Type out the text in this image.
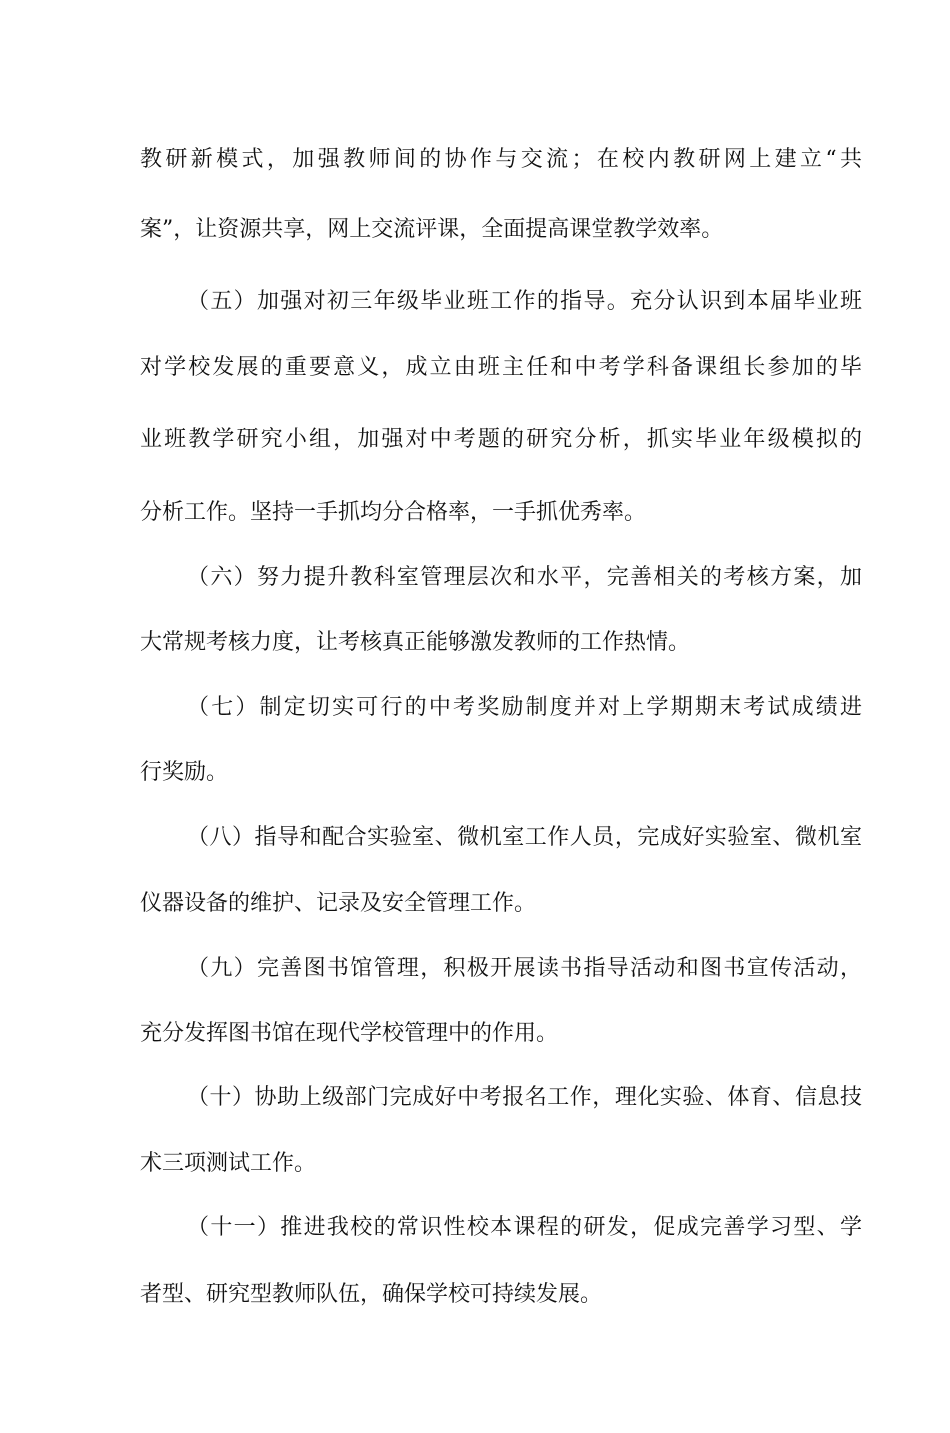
教研新模式，加强教师间的协作与交流；在校内教研网上建立“共
案”，让资源共享，网上交流评课，全面提高课堂教学效率。
（五）加强对初三年级毕业班工作的指导。充分认识到本届毕业班
对学校发展的重要意义，成立由班主任和中考学科备课组长参加的毕
业班教学研究小组，加强对中考题的研究分析，抓实毕业年级模拟的
分析工作。坚持一手抓均分合格率，一手抓优秀率。
（六）努力提升教科室管理层次和水平，完善相关的考核方案，加
大常规考核力度，让考核真正能够激发教师的工作热情。
（七）制定切实可行的中考奖励制度并对上学期期末考试成绩进
行奖励。
（八）指导和配合实验室、微机室工作人员，完成好实验室、微机室
仪器设备的维护、记录及安全管理工作。
（九）完善图书馆管理，积极开展读书指导活动和图书宣传活动，
充分发挥图书馆在现代学校管理中的作用。
（十）协助上级部门完成好中考报名工作，理化实验、体育、信息技
术三项测试工作。
（十一）推进我校的常识性校本课程的研发，促成完善学习型、学
者型、研究型教师队伍，确保学校可持续发展。
